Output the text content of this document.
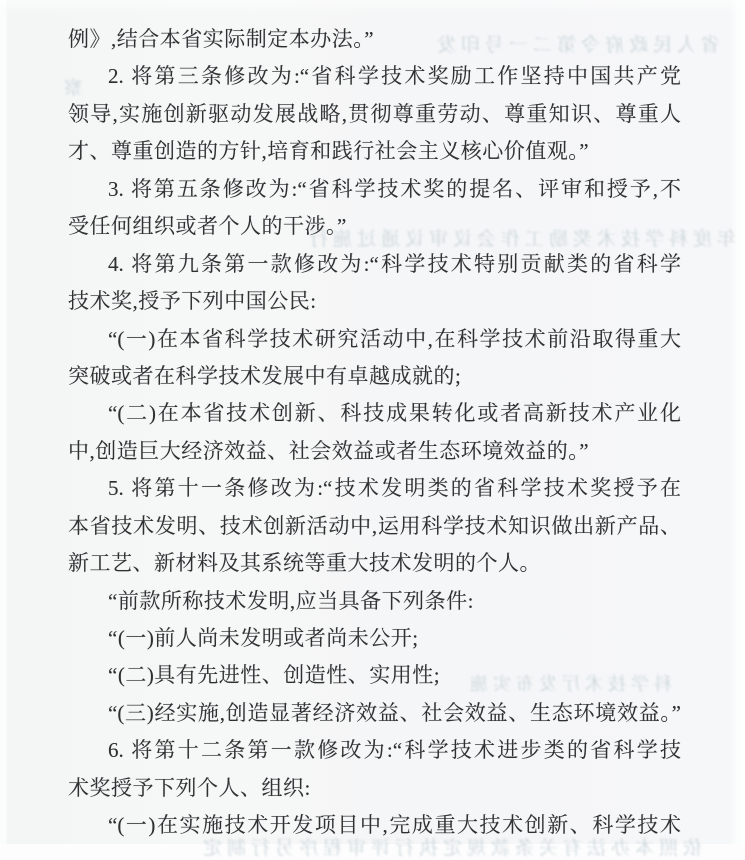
例》,结合本省实际制定本办法。”
2. 将第三条修改为:“省科学技术奖励工作坚持中国共产党
领导,实施创新驱动发展战略,贯彻尊重劳动、尊重知识、尊重人
才、尊重创造的方针,培育和践行社会主义核心价值观。”
3. 将第五条修改为:“省科学技术奖的提名、评审和授予,不
受任何组织或者个人的干涉。”
4. 将第九条第一款修改为:“科学技术特别贡献类的省科学
技术奖,授予下列中国公民:
“(一)在本省科学技术研究活动中,在科学技术前沿取得重大
突破或者在科学技术发展中有卓越成就的;
“(二)在本省技术创新、科技成果转化或者高新技术产业化
中,创造巨大经济效益、社会效益或者生态环境效益的。”
5. 将第十一条修改为:“技术发明类的省科学技术奖授予在
本省技术发明、技术创新活动中,运用科学技术知识做出新产品、
新工艺、新材料及其系统等重大技术发明的个人。
“前款所称技术发明,应当具备下列条件:
“(一)前人尚未发明或者尚未公开;
“(二)具有先进性、创造性、实用性;
“(三)经实施,创造显著经济效益、社会效益、生态环境效益。”
6. 将第十二条第一款修改为:“科学技术进步类的省科学技
术奖授予下列个人、组织:
“(一)在实施技术开发项目中,完成重大技术创新、科学技术
省人民政府令第二一号印发
察
年度科学技术奖励工作会议审议通过施行
科学技术厅发布实施
依照本办法有关条款规定执行评审程序另行制定
